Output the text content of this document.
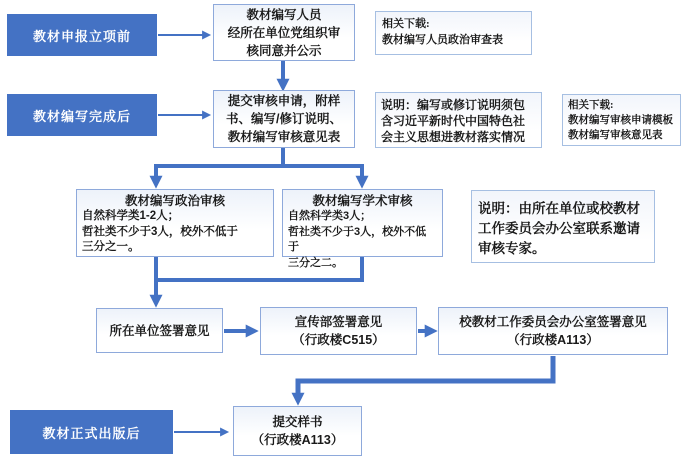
教材申报立项前
教材编写完成后
教材正式出版后
教材编写人员
经所在单位党组织审
核同意并公示
相关下载:
教材编写人员政治审查表
提交审核申请，附样
书、编写/修订说明、
教材编写审核意见表
说明：编写或修订说明须包含习近平新时代中国特色社会主义思想进教材落实情况
相关下载:
教材编写审核申请模板
教材编写审核意见表
教材编写政治审核
自然科学类1-2人；
哲社类不少于3人，校外不低于
三分之一。
教材编写学术审核
自然科学类3人；
哲社类不少于3人，校外不低于
三分之二。
说明：由所在单位或校教材工作委员会办公室联系邀请审核专家。
所在单位签署意见
宣传部签署意见
（行政楼C515）
校教材工作委员会办公室签署意见
（行政楼A113）
提交样书
（行政楼A113）
